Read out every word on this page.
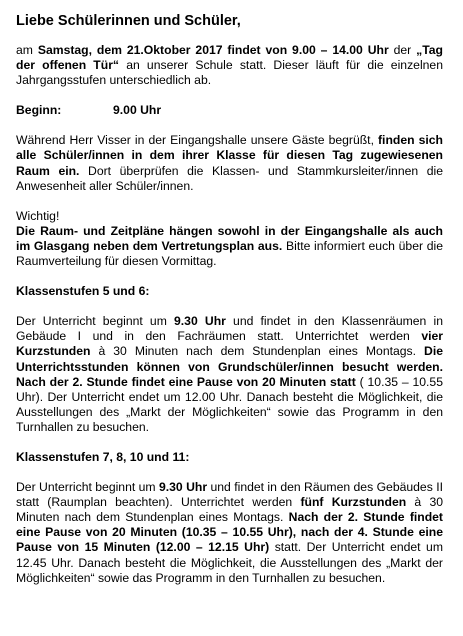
Liebe Schülerinnen und Schüler,

am Samstag, dem 21.Oktober 2017 findet von 9.00 – 14.00 Uhr der „Tag der offenen Tür“ an unserer Schule statt. Dieser läuft für die einzelnen Jahrgangsstufen unterschiedlich ab.

Beginn:	9.00 Uhr

Während Herr Visser in der Eingangshalle unsere Gäste begrüßt, finden sich alle Schüler/innen in dem ihrer Klasse für diesen Tag zugewiesenen Raum ein. Dort überprüfen die Klassen- und Stammkursleiter/innen die Anwesenheit aller Schüler/innen.

Wichtig!

Die Raum- und Zeitpläne hängen sowohl in der Eingangshalle als auch im Glasgang neben dem Vertretungsplan aus. Bitte informiert euch über die Raumverteilung für diesen Vormittag.

Klassenstufen 5 und 6:

Der Unterricht beginnt um 9.30 Uhr und findet in den Klassenräumen in Gebäude I und in den Fachräumen statt. Unterrichtet werden vier Kurzstunden à 30 Minuten nach dem Stundenplan eines Montags. Die Unterrichtsstunden können von Grundschüler/innen besucht werden. Nach der 2. Stunde findet eine Pause von 20 Minuten statt ( 10.35 – 10.55 Uhr). Der Unterricht endet um 12.00 Uhr. Danach besteht die Möglichkeit, die Ausstellungen des „Markt der Möglichkeiten“ sowie das Programm in den Turnhallen zu besuchen.

Klassenstufen 7, 8, 10 und 11:

Der Unterricht beginnt um 9.30 Uhr und findet in den Räumen des Gebäudes II statt (Raumplan beachten). Unterrichtet werden fünf Kurzstunden à 30 Minuten nach dem Stundenplan eines Montags. Nach der 2. Stunde findet eine Pause von 20 Minuten (10.35 – 10.55 Uhr), nach der 4. Stunde eine Pause von 15 Minuten (12.00 – 12.15 Uhr) statt. Der Unterricht endet um 12.45 Uhr. Danach besteht die Möglichkeit, die Ausstellungen des „Markt der Möglichkeiten“ sowie das Programm in den Turnhallen zu besuchen.
